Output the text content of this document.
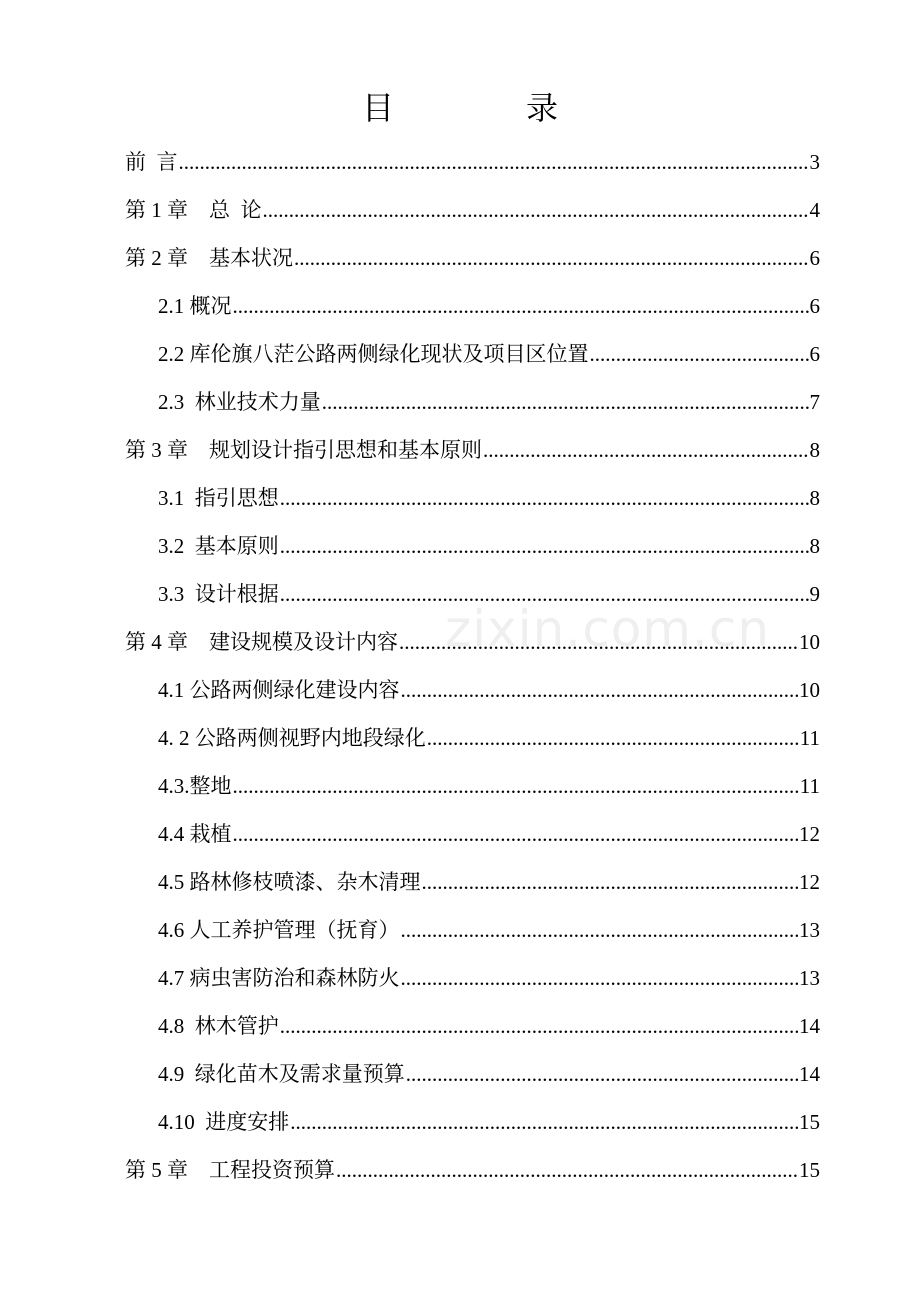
目　录
前  言 .....	3
第 1 章    总  论 .....	4
第 2 章    基本状况 .....	6
2.1 概况 .....	6
2.2 库伦旗八茫公路两侧绿化现状及项目区位置 .....	6
2.3  林业技术力量 .....	7
第 3 章    规划设计指引思想和基本原则 .....	8
3.1  指引思想 .....	8
3.2  基本原则 .....	8
3.3  设计根据 .....	9
第 4 章    建设规模及设计内容 .....	10
4.1 公路两侧绿化建设内容 .....	10
4. 2 公路两侧视野内地段绿化 .....	11
4.3.整地 .....	11
4.4 栽植 .....	12
4.5 路林修枝喷漆、杂木清理 .....	12
4.6 人工养护管理（抚育） .....	13
4.7 病虫害防治和森林防火 .....	13
4.8  林木管护 .....	14
4.9  绿化苗木及需求量预算 .....	14
4.10  进度安排 .....	15
第 5 章    工程投资预算 .....	15
zixin.com.cn
